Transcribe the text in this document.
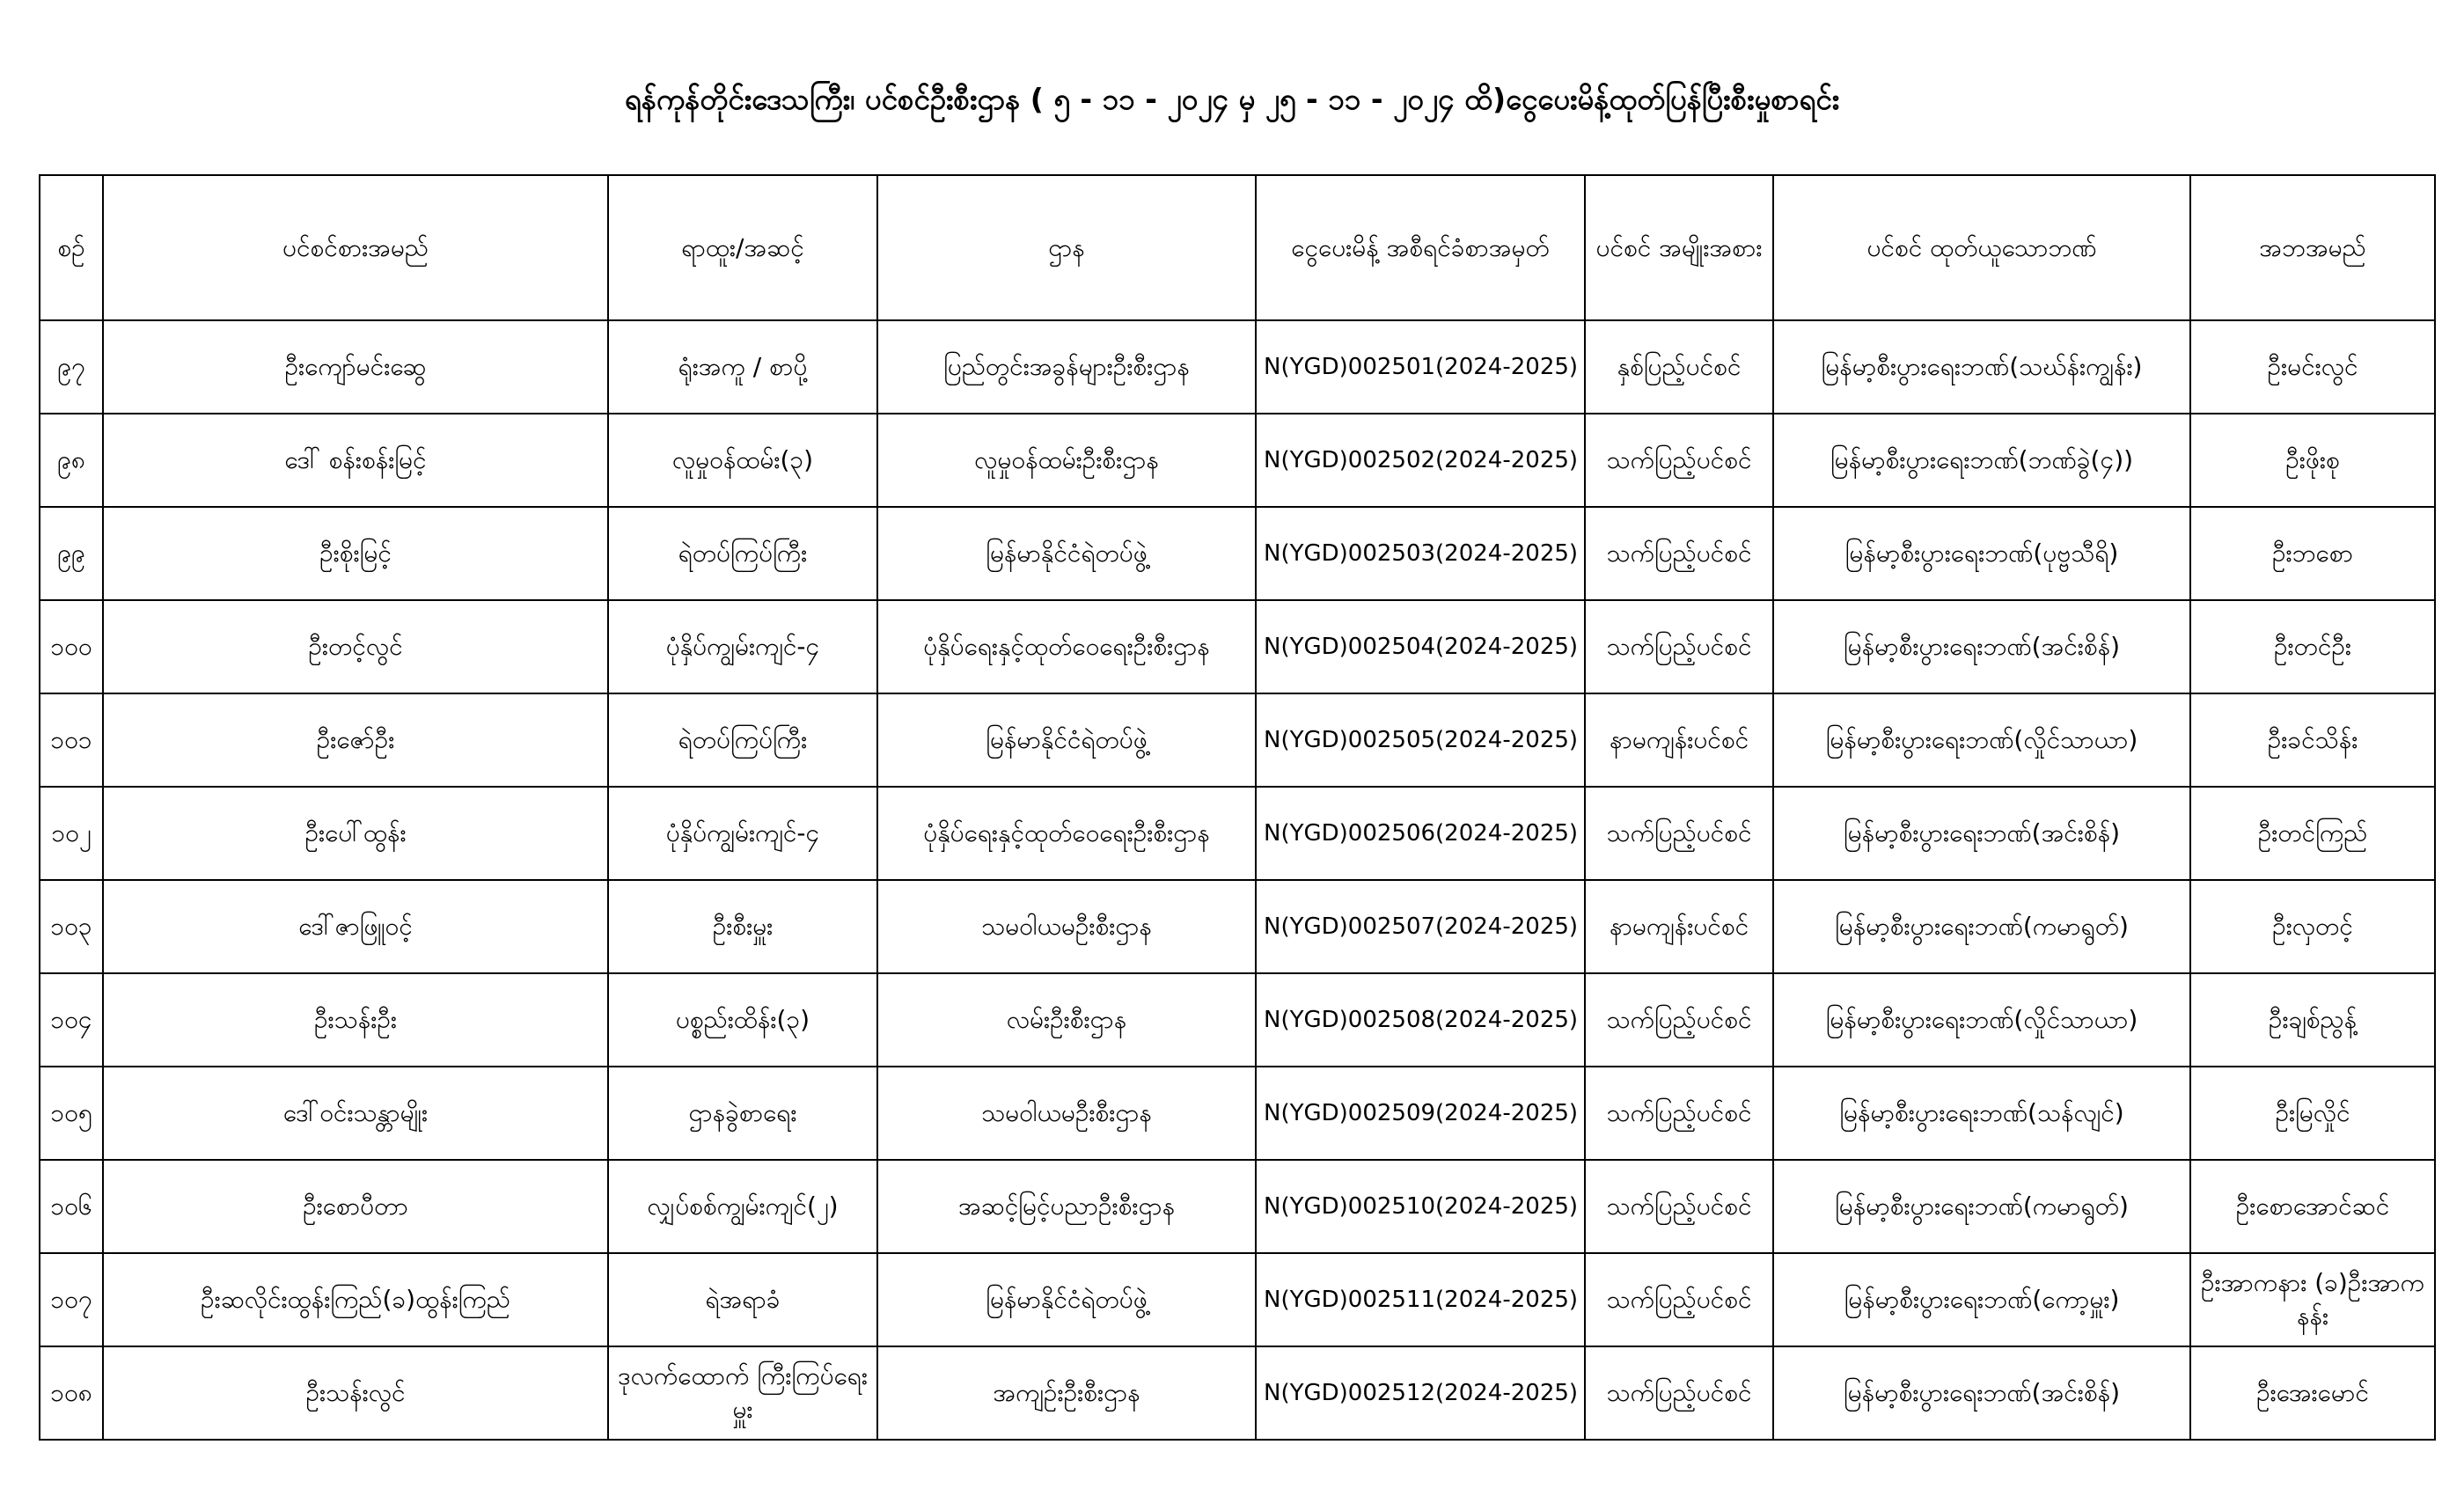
ရန်ကုန်တိုင်းဒေသကြီး၊ ပင်စင်ဦးစီးဌာန ( ၅ - ၁၁ - ၂၀၂၄ မှ ၂၅ - ၁၁ - ၂၀၂၄ ထိ)ငွေပေးမိန့်ထုတ်ပြန်ပြီးစီးမှုစာရင်း
စဉ်	ပင်စင်စားအမည်	ရာထူး/အဆင့်	ဌာန	ငွေပေးမိန့် အစီရင်ခံစာအမှတ်	ပင်စင် အမျိုးအစား	ပင်စင် ထုတ်ယူသောဘဏ်	အဘအမည်
၉၇	ဦးကျော်မင်းဆွေ	ရုံးအကူ / စာပို့	ပြည်တွင်းအခွန်များဦးစီးဌာန	N(YGD)002501(2024-2025)	နှစ်ပြည့်ပင်စင်	မြန်မာ့စီးပွားရေးဘဏ်(သဃ်န်းကျွန်း)	ဦးမင်းလွင်
၉၈	ဒေါ် စန်းစန်းမြင့်	လူမှုဝန်ထမ်း(၃)	လူမှုဝန်ထမ်းဦးစီးဌာန	N(YGD)002502(2024-2025)	သက်ပြည့်ပင်စင်	မြန်မာ့စီးပွားရေးဘဏ်(ဘဏ်ခွဲ(၄))	ဦးဖိုးစု
၉၉	ဦးစိုးမြင့်	ရဲတပ်ကြပ်ကြီး	မြန်မာနိုင်ငံရဲတပ်ဖွဲ့	N(YGD)002503(2024-2025)	သက်ပြည့်ပင်စင်	မြန်မာ့စီးပွားရေးဘဏ်(ပုဗ္ဗသီရိ)	ဦးဘစော
၁၀၀	ဦးတင့်လွင်	ပုံနှိပ်ကျွမ်းကျင်-၄	ပုံနှိပ်ရေးနှင့်ထုတ်ဝေရေးဦးစီးဌာန	N(YGD)002504(2024-2025)	သက်ပြည့်ပင်စင်	မြန်မာ့စီးပွားရေးဘဏ်(အင်းစိန်)	ဦးတင်ဦး
၁၀၁	ဦးဇော်ဦး	ရဲတပ်ကြပ်ကြီး	မြန်မာနိုင်ငံရဲတပ်ဖွဲ့	N(YGD)002505(2024-2025)	နာမကျန်းပင်စင်	မြန်မာ့စီးပွားရေးဘဏ်(လှိုင်သာယာ)	ဦးခင်သိန်း
၁၀၂	ဦးပေါ်ထွန်း	ပုံနှိပ်ကျွမ်းကျင်-၄	ပုံနှိပ်ရေးနှင့်ထုတ်ဝေရေးဦးစီးဌာန	N(YGD)002506(2024-2025)	သက်ပြည့်ပင်စင်	မြန်မာ့စီးပွားရေးဘဏ်(အင်းစိန်)	ဦးတင်ကြည်
၁၀၃	ဒေါ်ဇာဖြူဝင့်	ဦးစီးမှူး	သမဝါယမဦးစီးဌာန	N(YGD)002507(2024-2025)	နာမကျန်းပင်စင်	မြန်မာ့စီးပွားရေးဘဏ်(ကမာရွတ်)	ဦးလှတင့်
၁၀၄	ဦးသန်းဦး	ပစ္စည်းထိန်း(၃)	လမ်းဦးစီးဌာန	N(YGD)002508(2024-2025)	သက်ပြည့်ပင်စင်	မြန်မာ့စီးပွားရေးဘဏ်(လှိုင်သာယာ)	ဦးချစ်ညွန့်
၁၀၅	ဒေါ်ဝင်းသန္တာမျိုး	ဌာနခွဲစာရေး	သမဝါယမဦးစီးဌာန	N(YGD)002509(2024-2025)	သက်ပြည့်ပင်စင်	မြန်မာ့စီးပွားရေးဘဏ်(သန်လျင်)	ဦးမြလှိုင်
၁၀၆	ဦးစောပီတာ	လျှပ်စစ်ကျွမ်းကျင်(၂)	အဆင့်မြင့်ပညာဦးစီးဌာန	N(YGD)002510(2024-2025)	သက်ပြည့်ပင်စင်	မြန်မာ့စီးပွားရေးဘဏ်(ကမာရွတ်)	ဦးစောအောင်ဆင်
၁၀၇	ဦးဆလိုင်းထွန်းကြည်(ခ)ထွန်းကြည်	ရဲအရာခံ	မြန်မာနိုင်ငံရဲတပ်ဖွဲ့	N(YGD)002511(2024-2025)	သက်ပြည့်ပင်စင်	မြန်မာ့စီးပွားရေးဘဏ်(ကော့မှူး)	ဦးအာကနား (ခ)ဦးအာကနန်း
၁၀၈	ဦးသန်းလွင်	ဒုလက်ထောက် ကြီးကြပ်ရေးမှူး	အကျဉ်းဦးစီးဌာန	N(YGD)002512(2024-2025)	သက်ပြည့်ပင်စင်	မြန်မာ့စီးပွားရေးဘဏ်(အင်းစိန်)	ဦးအေးမောင်
